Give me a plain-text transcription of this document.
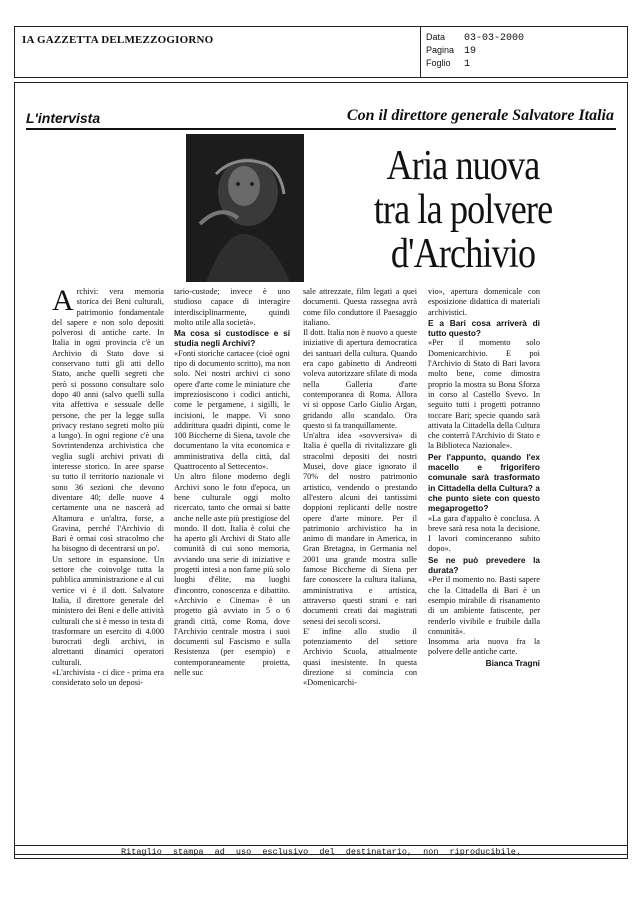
IA GAZZETTA DELMEZZOGIORNO	Data 03-03-2000
Pagina 19
Foglio 1
L'intervista	Con il direttore generale Salvatore Italia
Aria nuova
tra la polvere
d'Archivio
A rchivi: vera memoria storica dei Beni culturali, patrimonio fondamentale del sapere e non solo depositi polverosi di antiche carte. In Italia in ogni provincia c'è un Archivio di Stato dove si conservano tutti gli atti dello Stato, anche quelli segreti che però si possono consultare solo dopo 40 anni (salvo quelli sulla vita affettiva e sessuale delle persone, che per la legge sulla privacy restano segreti molto più a lungo). In ogni regione c'è una Sovrintendenza archivistica che veglia sugli archivi privati di interesse storico. In aree sparse su tutto il territorio nazionale vi sono 36 sezioni che devono diventare 40; delle nuove 4 certamente una ne nascerà ad Altamura e un'altra, forse, a Gravina, perché l'Archivio di Bari è ormai così stracolmo che ha bisogno di decentrarsi un po'.

Un settore in espansione. Un settore che coinvolge tutta la pubblica amministrazione e al cui vertice vi è il dott. Salvatore Italia, il direttore generale del ministero dei Beni e delle attività culturali che si è messo in testa di trasformare un esercito di 4.000 burocrati degli archivi, in altrettanti dinamici operatori culturali.

«L'archivista - ci dice - prima era considerato solo un deposi-

tario-custode; invece è uno studioso capace di interagire interdisciplinarmente, quindi molto utile alla società».

Ma cosa si custodisce e si studia negli Archivi?

«Fonti storiche cartacee (cioè ogni tipo di documento scritto), ma non solo. Nei nostri archivi ci sono opere d'arte come le miniature che impreziosiscono i codici antichi, come le pergamene, i sigilli, le incisioni, le mappe. Vi sono addirittura quadri dipinti, come le 100 Biccherne di Siena, tavole che documentano la vita economica e amministrativa della città, dal Quattrocento al Settecento».

Un altro filone moderno degli Archivi sono le foto d'epoca, un bene culturale oggi molto ricercato, tanto che ormai si batte anche nelle aste più prestigiose del mondo. Il dott. Italia è colui che ha aperto gli Archivi di Stato alle comunità di cui sono memoria, avviando una serie di iniziative e progetti intesi a non farne più solo luoghi d'élite, ma luoghi d'incontro, conoscenza e dibattito. «Archivio e Cinema» è un progetto già avviato in 5 o 6 grandi città, come Roma, dove l'Archivio centrale mostra i suoi documenti sul Fascismo e sulla Resistenza (per esempio) e contemporaneamente proietta, nelle suc

sale attrezzate, film legati a quei documenti. Questa rassegna avrà come filo conduttore il Paesaggio italiano.

Il dott. Italia non è nuovo a queste iniziative di apertura democratica dei santuari della cultura. Quando era capo gabinetto di Andreotti voleva autorizzare sfilate di moda nella Galleria d'arte contemporanea di Roma. Allora vi si oppose Carlo Giulio Argan, gridando allo scandalo. Ora questo si fa tranquillamente.

Un'altra idea «sovversiva» di Italia è quella di rivitalizzare gli stracolmi depositi dei nostri Musei, dove giace ignorato il 70% del nostro patrimonio artistico, vendendo o prestando all'estero alcuni dei tantissimi doppioni replicanti delle nostre opere d'arte minore. Per il patrimonio archivistico ha in animo di mandare in America, in Gran Bretagna, in Germania nel 2001 una grande mostra sulle famose Biccherne di Siena per fare conoscere la cultura italiana, amministrativa e artistica, attraverso questi strani e rari documenti creati dai magistrati senesi dei secoli scorsi.

E' infine allo studio il potenziamento del settore Archivio Scuola, attualmente quasi inesistente. In questa direzione si comincia con «Domenicarchi-

vio», apertura domenicale con esposizione didattica di materiali archivistici.

E a Bari cosa arriverà di tutto questo?

«Per il momento solo Domenicarchivio. E poi l'Archivio di Stato di Bari lavora molto bene, come dimostra proprio la mostra su Bona Sforza in corso al Castello Svevo. In seguito tutti i progetti potranno toccare Bari; specie quando sarà attivata la Cittadella della Cultura che conterrà l'Archivio di Stato e la Biblioteca Nazionale».

Per l'appunto, quando l'ex macello e frigorifero comunale sarà trasformato in Cittadella della Cultura? a che punto siete con questo megaprogetto?

«La gara d'appalto è conclusa. A breve sarà resa nota la decisione. I lavori cominceranno subito dopo».

Se ne può prevedere la durata?

«Per il momento no. Basti sapere che la Cittadella di Bari è un esempio mirabile di risanamento di un ambiente fatiscente, per renderlo vivibile e fruibile dalla comunità».

Insomma aria nuova fra la polvere delle antiche carte.

Bianca Tragni

Ritaglio stampa ad uso esclusivo del destinatario, non riproducibile.
